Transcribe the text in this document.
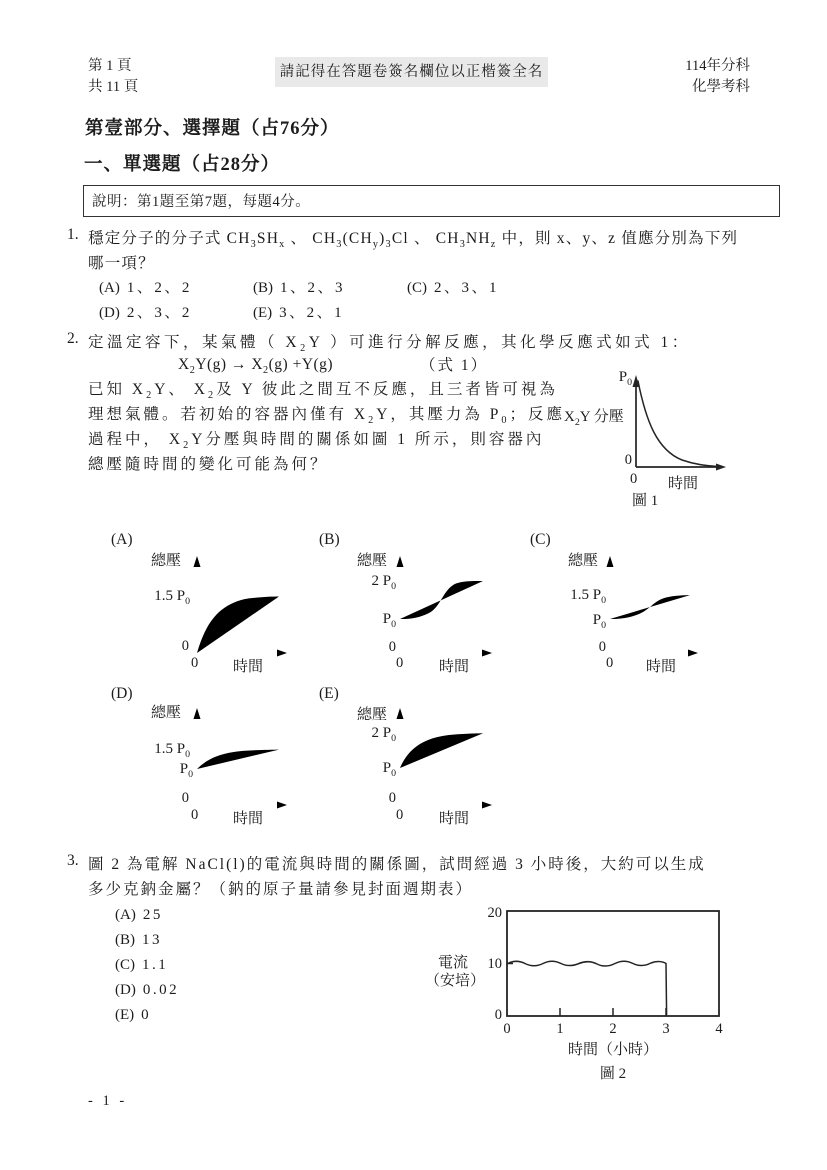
第 1 頁
共 11 頁
請記得在答題卷簽名欄位以正楷簽全名	114年分科
化學考科
第壹部分、選擇題（占76分）
一、單選題（占28分）
說明：第1題至第7題，每題4分。
1. 穩定分子的分子式 $CH_3SH_x$ 、 $CH_3(CH_y)_3Cl$ 、 $CH_3NH_z$ 中，則 x、y、z 值應分別為下列
哪一項？
(A) 1、2、2	(B) 1、2、3	(C) 2、3、1
(D) 2、3、2	(E) 3、2、1
2. 定溫定容下，某氣體（ $X_2Y$ ）可進行分解反應，其化學反應式如式 1：
$X_2Y(g) \to X_2(g) +Y(g)$	（式 1）
已知 $X_2Y$、 $X_2$及 Y 彼此之間互不反應，且三者皆可視為
理想氣體。若初始的容器內僅有 $X_2Y$，其壓力為 $P_0$；反應
過程中， $X_2Y$分壓與時間的關係如圖 1 所示，則容器內
總壓隨時間的變化可能為何？
$P_0$
$X_2Y$ 分壓
0
0 時間
圖 1
(A)
總壓
1.5 $P_0$
0
0 時間
(B)
總壓
2 $P_0$
$P_0$
0
0 時間
(C)
總壓
1.5 $P_0$
$P_0$
0
0 時間
(D)
總壓
1.5 $P_0$
$P_0$
0
0 時間
(E)
總壓
2 $P_0$
$P_0$
0
0 時間
3. 圖 2 為電解 NaCl(l)的電流與時間的關係圖，試問經過 3 小時後，大約可以生成
多少克鈉金屬？（鈉的原子量請參見封面週期表）
(A) 25
(B) 13
(C) 1.1
(D) 0.02
(E) 0
20
10
0
電流
（安培）
0	1	2	3	4
時間（小時）
圖 2
- 1 -
